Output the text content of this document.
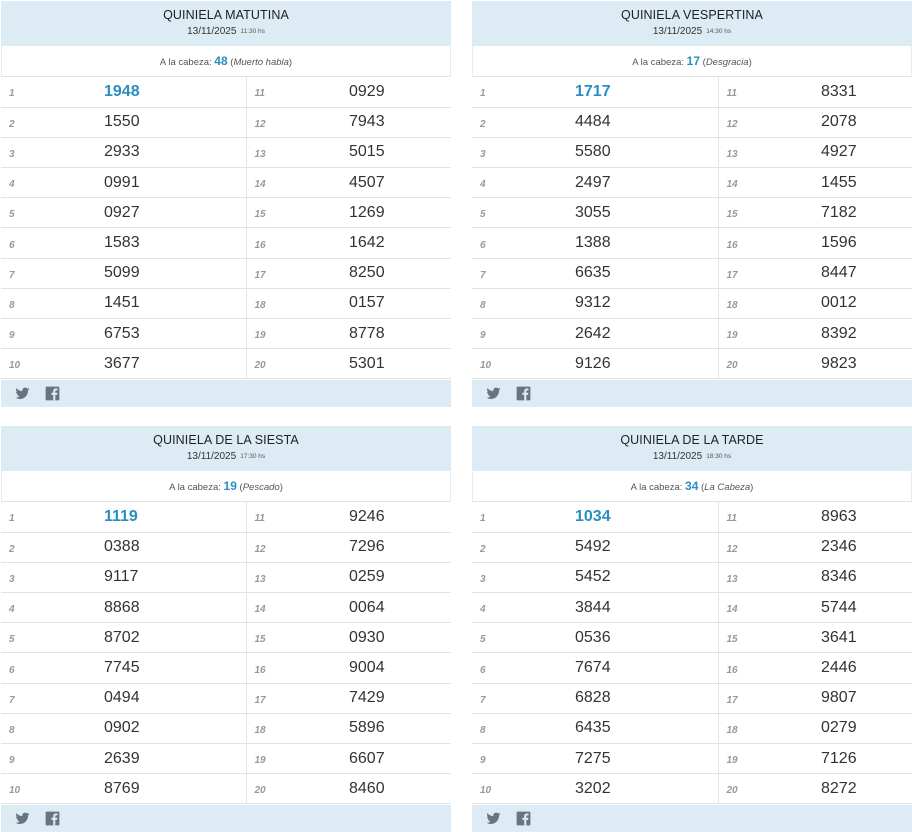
QUINIELA MATUTINA
13/11/2025 11:30 hs
A la cabeza: 48 (Muerto habla)
1	1948	11	0929
2	1550	12	7943
3	2933	13	5015
4	0991	14	4507
5	0927	15	1269
6	1583	16	1642
7	5099	17	8250
8	1451	18	0157
9	6753	19	8778
10	3677	20	5301
QUINIELA VESPERTINA
13/11/2025 14:30 hs
A la cabeza: 17 (Desgracia)
1	1717	11	8331
2	4484	12	2078
3	5580	13	4927
4	2497	14	1455
5	3055	15	7182
6	1388	16	1596
7	6635	17	8447
8	9312	18	0012
9	2642	19	8392
10	9126	20	9823
QUINIELA DE LA SIESTA
13/11/2025 17:30 hs
A la cabeza: 19 (Pescado)
1	1119	11	9246
2	0388	12	7296
3	9117	13	0259
4	8868	14	0064
5	8702	15	0930
6	7745	16	9004
7	0494	17	7429
8	0902	18	5896
9	2639	19	6607
10	8769	20	8460
QUINIELA DE LA TARDE
13/11/2025 18:30 hs
A la cabeza: 34 (La Cabeza)
1	1034	11	8963
2	5492	12	2346
3	5452	13	8346
4	3844	14	5744
5	0536	15	3641
6	7674	16	2446
7	6828	17	9807
8	6435	18	0279
9	7275	19	7126
10	3202	20	8272
